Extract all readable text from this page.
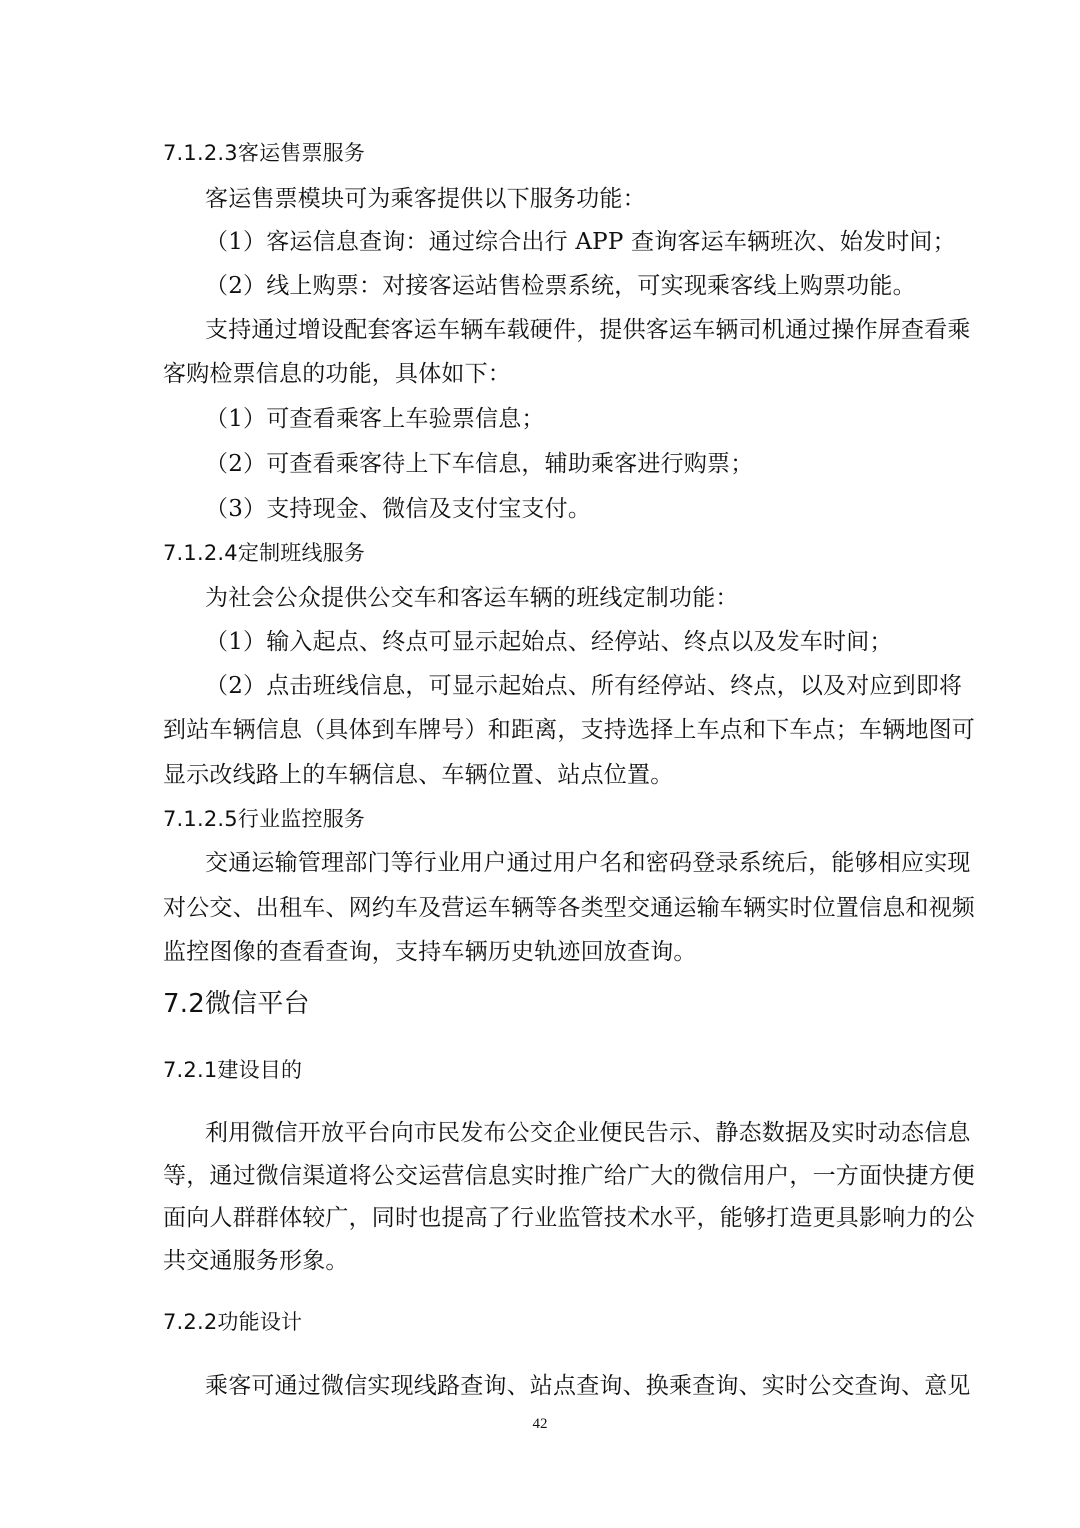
7.1.2.3客运售票服务
客运售票模块可为乘客提供以下服务功能：
（1）客运信息查询：通过综合出行 APP 查询客运车辆班次、始发时间；
（2）线上购票：对接客运站售检票系统，可实现乘客线上购票功能。
支持通过增设配套客运车辆车载硬件，提供客运车辆司机通过操作屏查看乘
客购检票信息的功能，具体如下：
（1）可查看乘客上车验票信息；
（2）可查看乘客待上下车信息，辅助乘客进行购票；
（3）支持现金、微信及支付宝支付。
7.1.2.4定制班线服务
为社会公众提供公交车和客运车辆的班线定制功能：
（1）输入起点、终点可显示起始点、经停站、终点以及发车时间；
（2）点击班线信息，可显示起始点、所有经停站、终点，以及对应到即将
到站车辆信息（具体到车牌号）和距离，支持选择上车点和下车点；车辆地图可
显示改线路上的车辆信息、车辆位置、站点位置。
7.1.2.5行业监控服务
交通运输管理部门等行业用户通过用户名和密码登录系统后，能够相应实现
对公交、出租车、网约车及营运车辆等各类型交通运输车辆实时位置信息和视频
监控图像的查看查询，支持车辆历史轨迹回放查询。
7.2微信平台
7.2.1建设目的
利用微信开放平台向市民发布公交企业便民告示、静态数据及实时动态信息
等，通过微信渠道将公交运营信息实时推广给广大的微信用户，一方面快捷方便
面向人群群体较广，同时也提高了行业监管技术水平，能够打造更具影响力的公
共交通服务形象。
7.2.2功能设计
乘客可通过微信实现线路查询、站点查询、换乘查询、实时公交查询、意见
42
